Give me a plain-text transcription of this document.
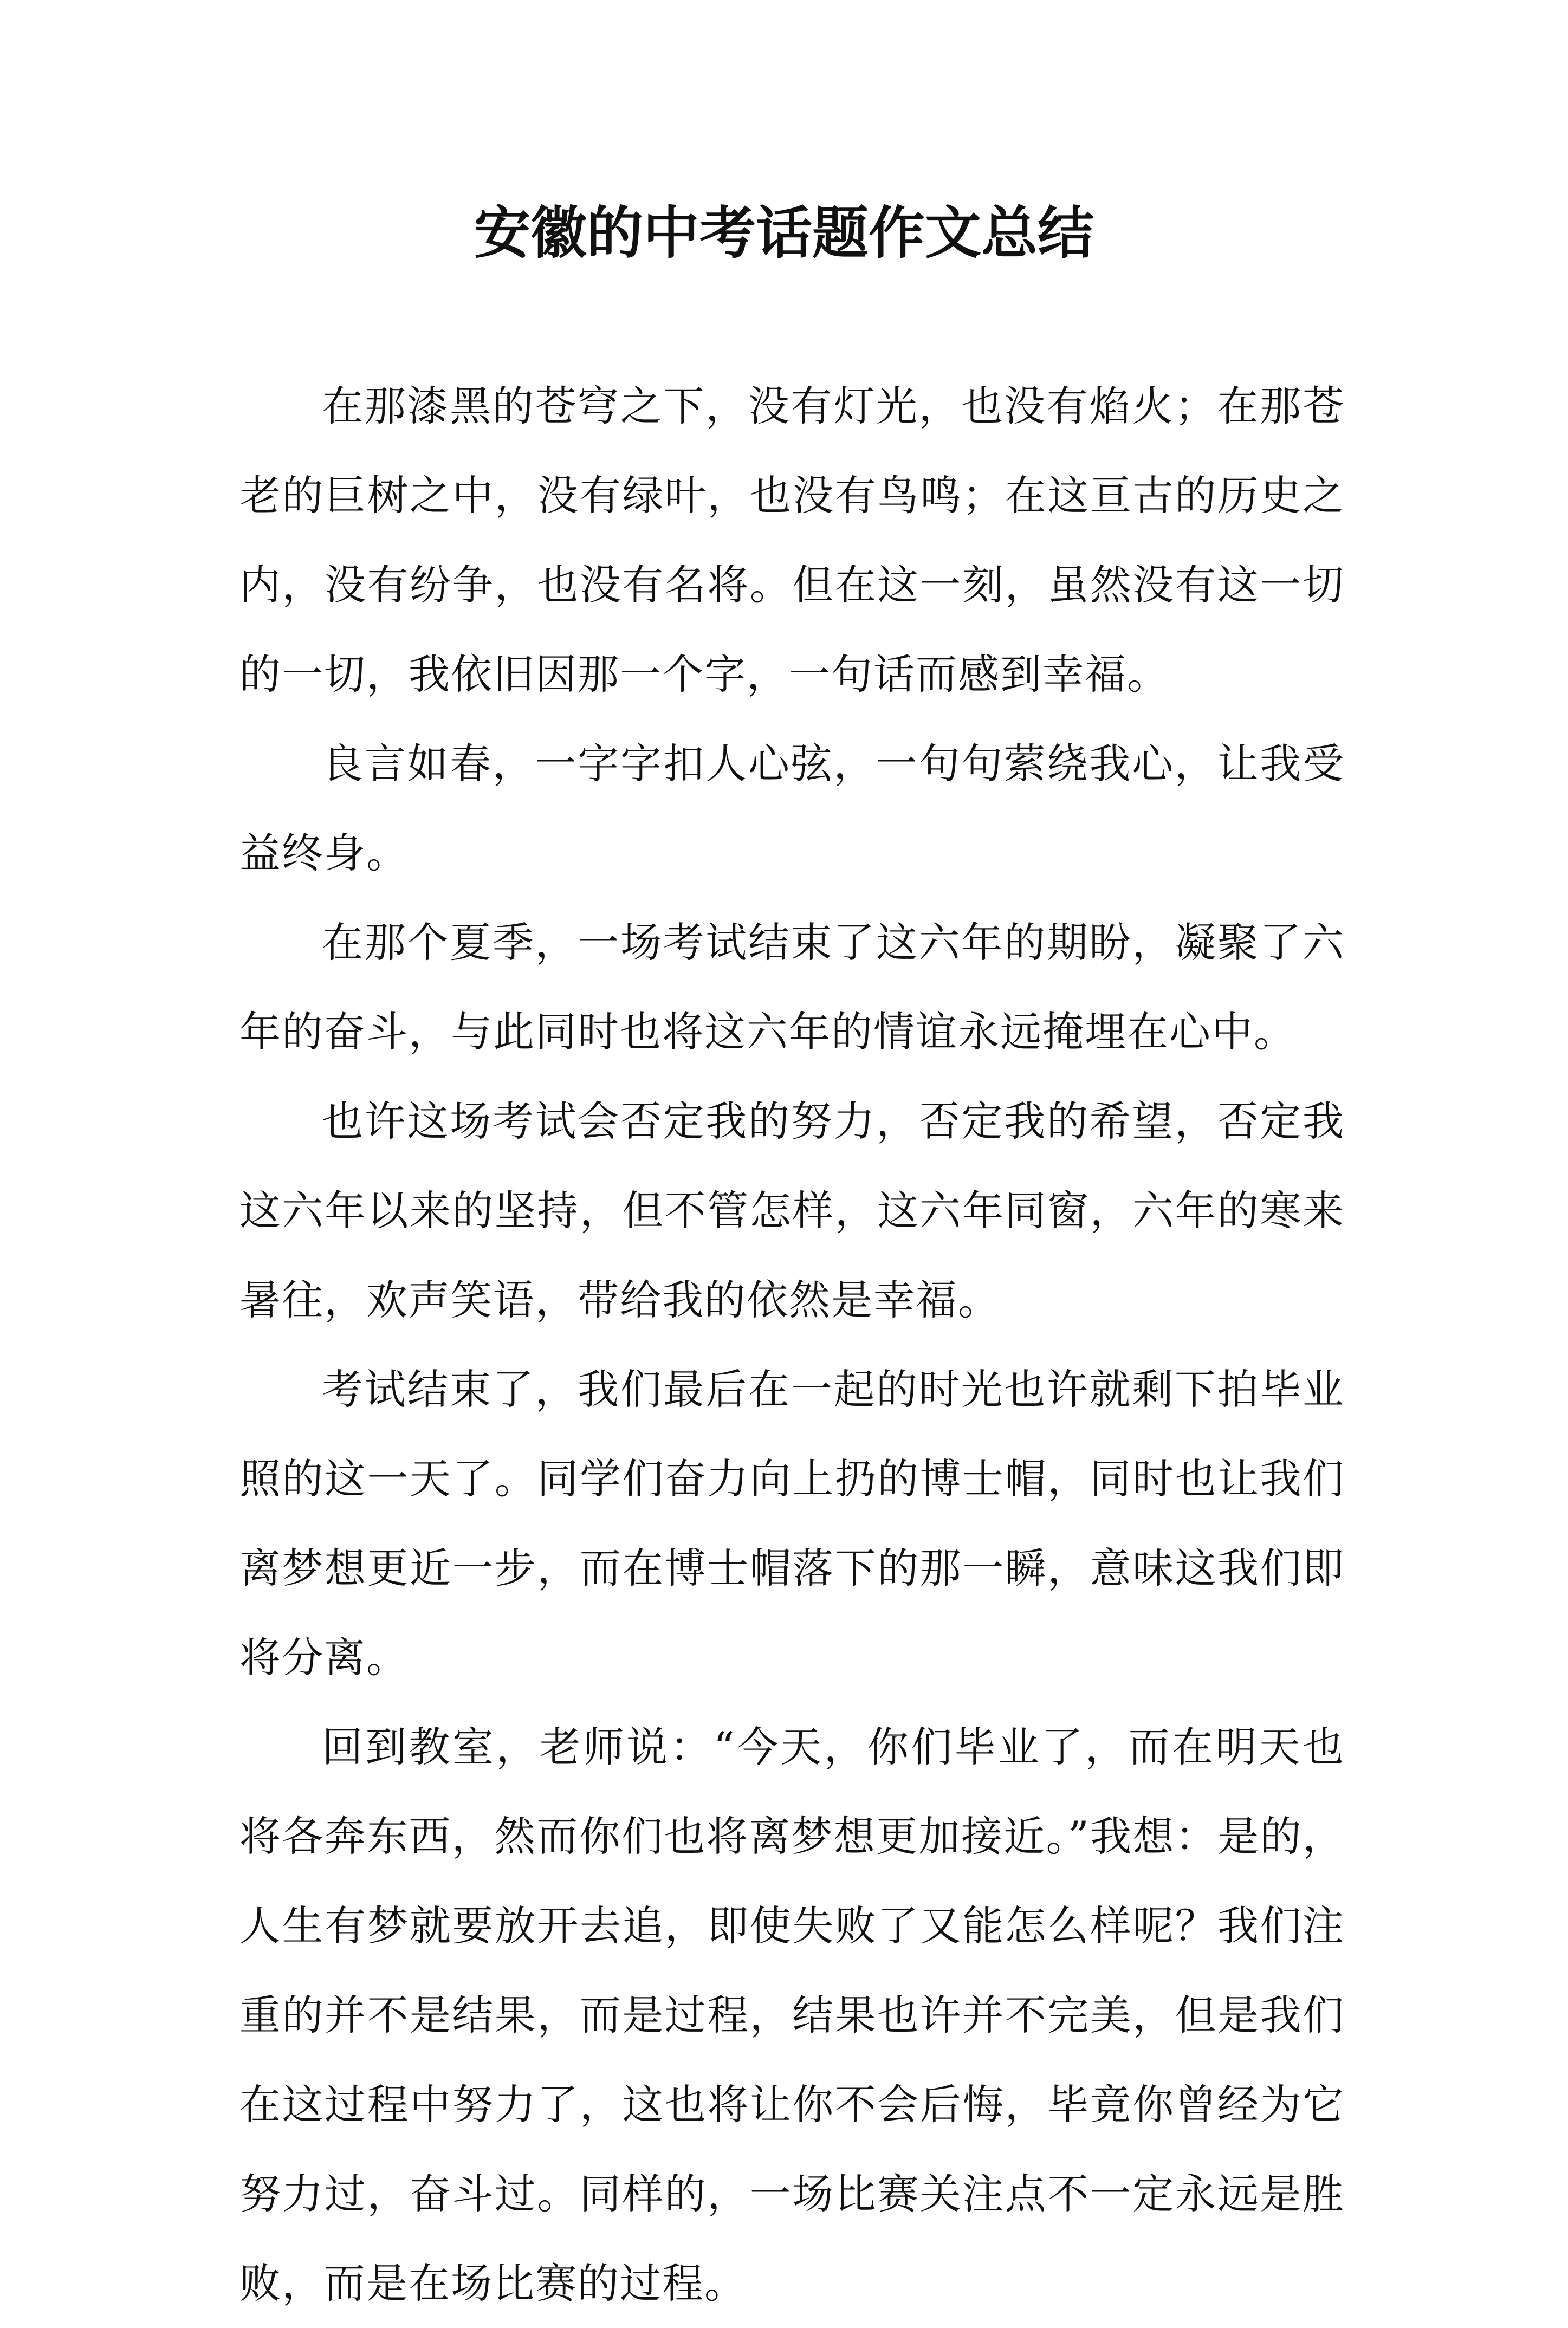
安徽的中考话题作文总结

在那漆黑的苍穹之下，没有灯光，也没有焰火；在那苍老的巨树之中，没有绿叶，也没有鸟鸣；在这亘古的历史之内，没有纷争，也没有名将。但在这一刻，虽然没有这一切的一切，我依旧因那一个字，一句话而感到幸福。

良言如春，一字字扣人心弦，一句句萦绕我心，让我受益终身。

在那个夏季，一场考试结束了这六年的期盼，凝聚了六年的奋斗，与此同时也将这六年的情谊永远掩埋在心中。

也许这场考试会否定我的努力，否定我的希望，否定我这六年以来的坚持，但不管怎样，这六年同窗，六年的寒来暑往，欢声笑语，带给我的依然是幸福。

考试结束了，我们最后在一起的时光也许就剩下拍毕业照的这一天了。同学们奋力向上扔的博士帽，同时也让我们离梦想更近一步，而在博士帽落下的那一瞬，意味这我们即将分离。

回到教室，老师说：“今天，你们毕业了，而在明天也将各奔东西，然而你们也将离梦想更加接近。”我想：是的，人生有梦就要放开去追，即使失败了又能怎么样呢？我们注重的并不是结果，而是过程，结果也许并不完美，但是我们在这过程中努力了，这也将让你不会后悔，毕竟你曾经为它努力过，奋斗过。同样的，一场比赛关注点不一定永远是胜败，而是在场比赛的过程。
